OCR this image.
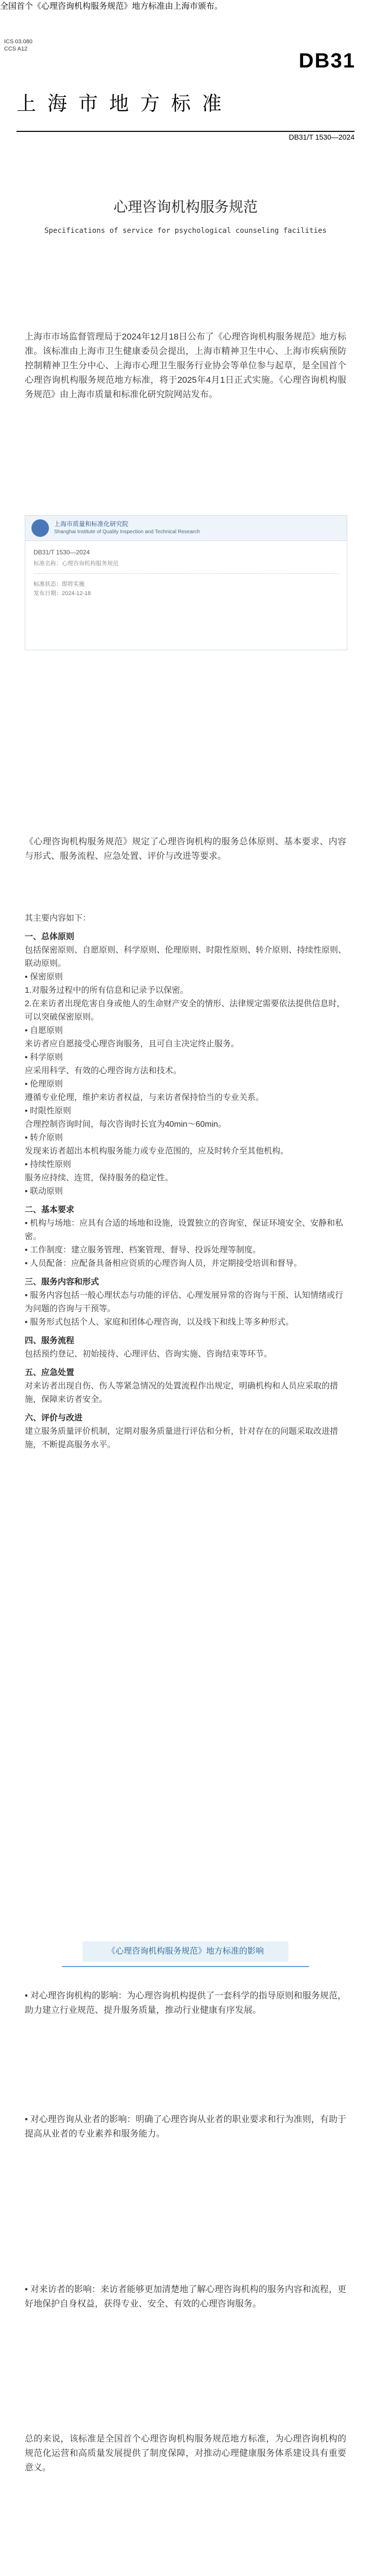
全国首个《心理咨询机构服务规范》地方标准由上海市颁布。
ICS 03.080
CCS A12
DB31
上海市地方标准
DB31/T 1530—2024
心理咨询机构服务规范
Specifications of service for psychological counseling facilities
上海市市场监督管理局于2024年12月18日公布了《心理咨询机构服务规范》地方标准。该标准由上海市卫生健康委员会提出，上海市精神卫生中心、上海市疾病预防控制精神卫生分中心、上海市心理卫生服务行业协会等单位参与起草，是全国首个心理咨询机构服务规范地方标准，将于2025年4月1日正式实施。《心理咨询机构服务规范》由上海市质量和标准化研究院网站发布。
上海市质量和标准化研究院
Shanghai Institute of Quality Inspection and Technical Research
DB31/T 1530—2024
标准名称：心理咨询机构服务规范
标准状态：即将实施
发布日期：2024-12-18
《心理咨询机构服务规范》规定了心理咨询机构的服务总体原则、基本要求、内容与形式、服务流程、应急处置、评价与改进等要求。

其主要内容如下：

一、总体原则

包括保密原则、自愿原则、科学原则、伦理原则、时限性原则、转介原则、持续性原则、联动原则。

• 保密原则

1.对服务过程中的所有信息和记录予以保密。

2.在来访者出现危害自身或他人的生命财产安全的情形、法律规定需要依法提供信息时，可以突破保密原则。

• 自愿原则

来访者应自愿接受心理咨询服务，且可自主决定终止服务。

• 科学原则

应采用科学、有效的心理咨询方法和技术。

• 伦理原则

遵循专业伦理，维护来访者权益，与来访者保持恰当的专业关系。

• 时限性原则

合理控制咨询时间，每次咨询时长宜为40min～60min。

• 转介原则

发现来访者超出本机构服务能力或专业范围的，应及时转介至其他机构。

• 持续性原则

服务应持续、连贯，保持服务的稳定性。

• 联动原则

二、基本要求

• 机构与场地：应具有合适的场地和设施，设置独立的咨询室，保证环境安全、安静和私密。

• 工作制度：建立服务管理、档案管理、督导、投诉处理等制度。

• 人员配备：应配备具备相应资质的心理咨询人员，并定期接受培训和督导。

三、服务内容和形式

• 服务内容包括一般心理状态与功能的评估、心理发展异常的咨询与干预、认知情绪或行为问题的咨询与干预等。

• 服务形式包括个人、家庭和团体心理咨询，以及线下和线上等多种形式。

四、服务流程

包括预约登记、初始接待、心理评估、咨询实施、咨询结束等环节。

五、应急处置

对来访者出现自伤、伤人等紧急情况的处置流程作出规定，明确机构和人员应采取的措施，保障来访者安全。

六、评价与改进

建立服务质量评价机制，定期对服务质量进行评估和分析，针对存在的问题采取改进措施，不断提高服务水平。

《心理咨询机构服务规范》地方标准的影响
• 对心理咨询机构的影响：为心理咨询机构提供了一套科学的指导原则和服务规范，助力建立行业规范、提升服务质量，推动行业健康有序发展。
• 对心理咨询从业者的影响：明确了心理咨询从业者的职业要求和行为准则，有助于提高从业者的专业素养和服务能力。
• 对来访者的影响：来访者能够更加清楚地了解心理咨询机构的服务内容和流程，更好地保护自身权益，获得专业、安全、有效的心理咨询服务。
总的来说，该标准是全国首个心理咨询机构服务规范地方标准，为心理咨询机构的规范化运营和高质量发展提供了制度保障，对推动心理健康服务体系建设具有重要意义。
